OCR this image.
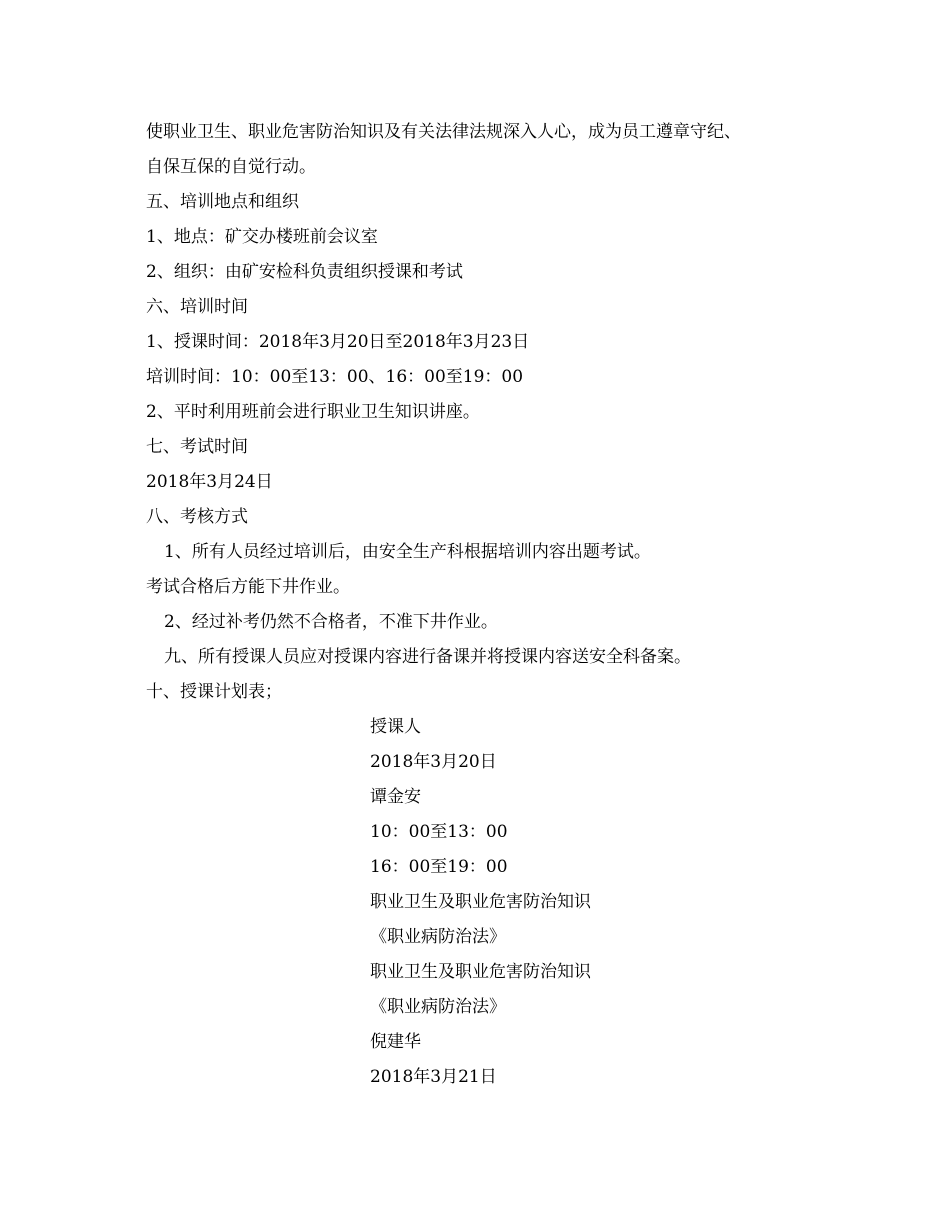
使职业卫生、职业危害防治知识及有关法律法规深入人心，成为员工遵章守纪、
自保互保的自觉行动。
五、培训地点和组织
1、地点：矿交办楼班前会议室
2、组织：由矿安检科负责组织授课和考试
六、培训时间
1、授课时间：2018年3月20日至2018年3月23日
培训时间：10：00至13：00、16：00至19：00
2、平时利用班前会进行职业卫生知识讲座。
七、考试时间
2018年3月24日
八、考核方式
1、所有人员经过培训后，由安全生产科根据培训内容出题考试。
考试合格后方能下井作业。
2、经过补考仍然不合格者，不准下井作业。
九、所有授课人员应对授课内容进行备课并将授课内容送安全科备案。
十、授课计划表；
授课人
2018年3月20日
谭金安
10：00至13：00
16：00至19：00
职业卫生及职业危害防治知识
《职业病防治法》
职业卫生及职业危害防治知识
《职业病防治法》
倪建华
2018年3月21日
